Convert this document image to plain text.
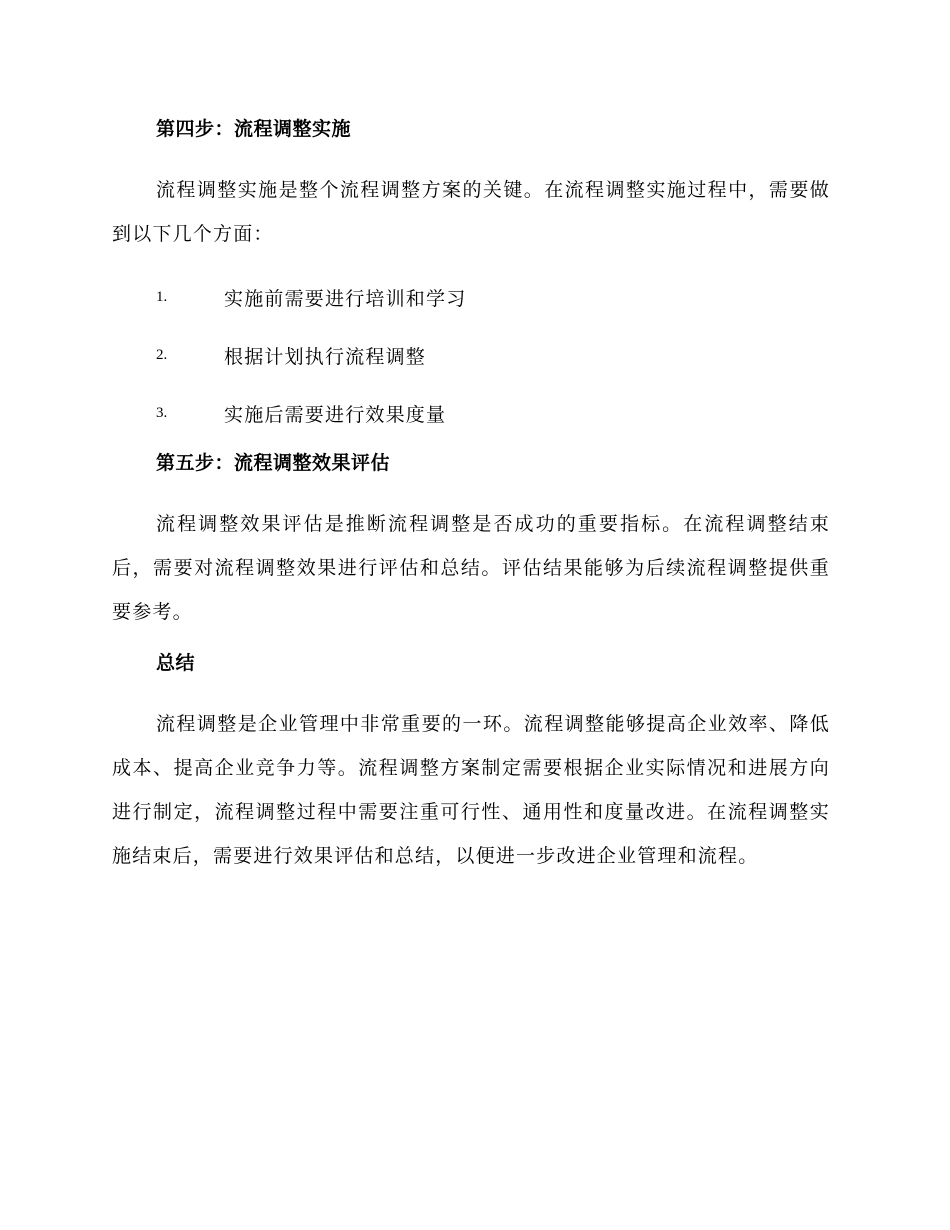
第四步：流程调整实施

流程调整实施是整个流程调整方案的关键。在流程调整实施过程中，需要做到以下几个方面：

1.	实施前需要进行培训和学习
2.	根据计划执行流程调整
3.	实施后需要进行效果度量
第五步：流程调整效果评估

流程调整效果评估是推断流程调整是否成功的重要指标。在流程调整结束后，需要对流程调整效果进行评估和总结。评估结果能够为后续流程调整提供重要参考。

总结

流程调整是企业管理中非常重要的一环。流程调整能够提高企业效率、降低成本、提高企业竞争力等。流程调整方案制定需要根据企业实际情况和进展方向进行制定，流程调整过程中需要注重可行性、通用性和度量改进。在流程调整实施结束后，需要进行效果评估和总结，以便进一步改进企业管理和流程。
